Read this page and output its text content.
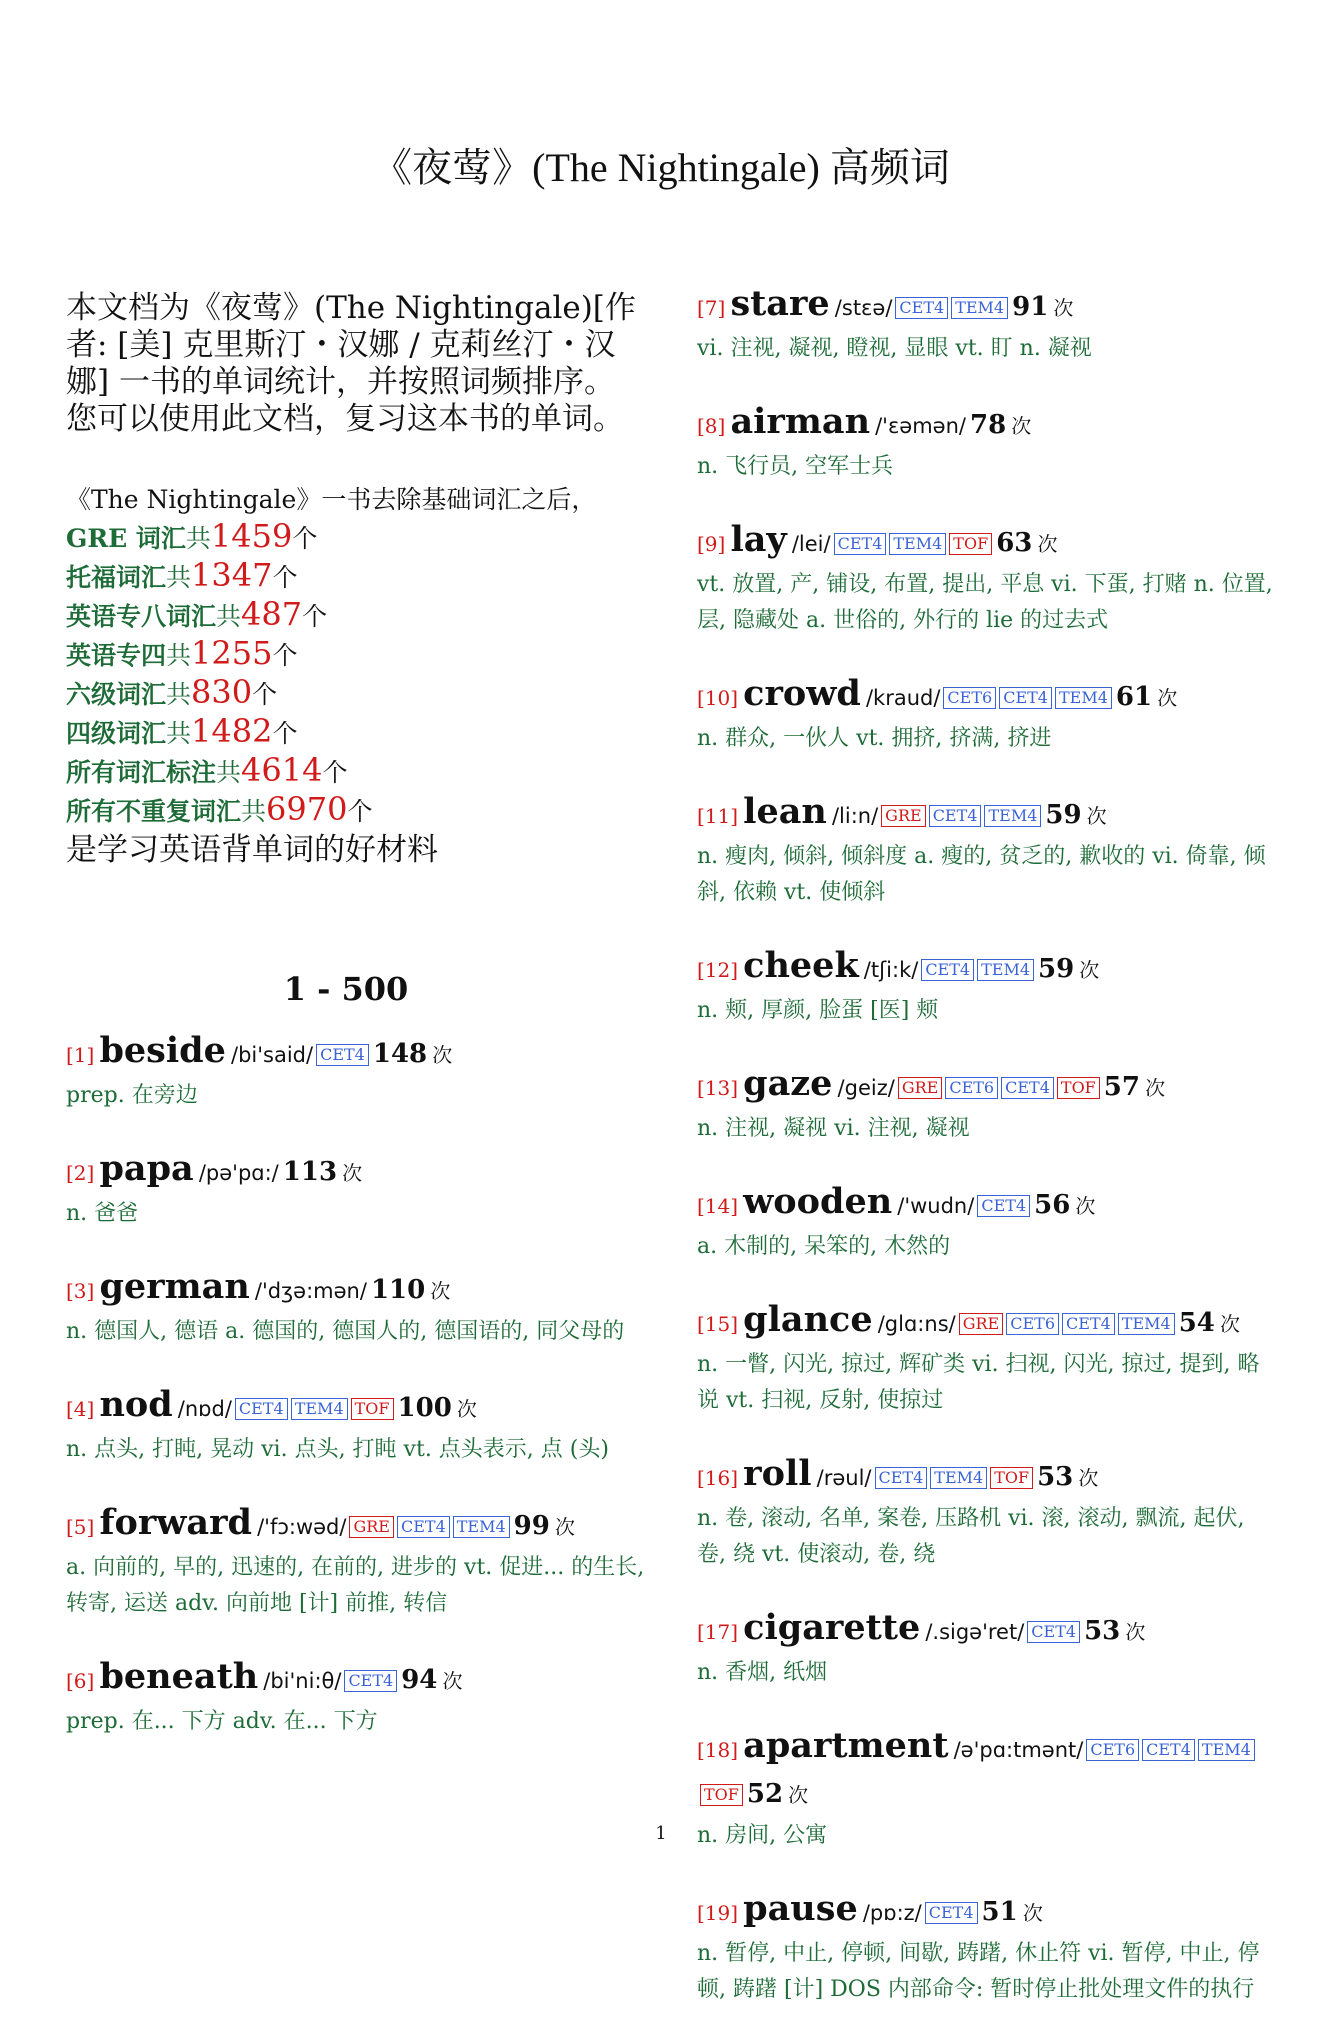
《夜莺》(The Nightingale) 高频词

本文档为《夜莺》(The Nightingale)[作者: [美] 克里斯汀・汉娜 / 克莉丝汀・汉娜] 一书的单词统计，并按照词频排序。

您可以使用此文档，复习这本书的单词。

《The Nightingale》一书去除基础词汇之后，
GRE 词汇共1459个
托福词汇共1347个
英语专八词汇共487个
英语专四共1255个
六级词汇共830个
四级词汇共1482个
所有词汇标注共4614个
所有不重复词汇共6970个
是学习英语背单词的好材料
1 - 500
[1] beside /bi'said/ CET4 148 次
prep. 在旁边
[2] papa /pə'pɑ:/ 113 次
n. 爸爸
[3] german /'dʒə:mən/ 110 次
n. 德国人, 德语 a. 德国的, 德国人的, 德国语的, 同父母的
[4] nod /nɒd/ CET4 TEM4 TOF 100 次
n. 点头, 打盹, 晃动 vi. 点头, 打盹 vt. 点头表示, 点 (头)
[5] forward /'fɔ:wəd/ GRE CET4 TEM4 99 次
a. 向前的, 早的, 迅速的, 在前的, 进步的 vt. 促进... 的生长, 转寄, 运送 adv. 向前地 [计] 前推, 转信
[6] beneath /bi'ni:θ/ CET4 94 次
prep. 在... 下方 adv. 在... 下方
[7] stare /stɛə/ CET4 TEM4 91 次
vi. 注视, 凝视, 瞪视, 显眼 vt. 盯 n. 凝视
[8] airman /'ɛəmən/ 78 次
n. 飞行员, 空军士兵
[9] lay /lei/ CET4 TEM4 TOF 63 次
vt. 放置, 产, 铺设, 布置, 提出, 平息 vi. 下蛋, 打赌 n. 位置, 层, 隐藏处 a. 世俗的, 外行的 lie 的过去式
[10] crowd /kraud/ CET6 CET4 TEM4 61 次
n. 群众, 一伙人 vt. 拥挤, 挤满, 挤进
[11] lean /li:n/ GRE CET4 TEM4 59 次
n. 瘦肉, 倾斜, 倾斜度 a. 瘦的, 贫乏的, 歉收的 vi. 倚靠, 倾斜, 依赖 vt. 使倾斜
[12] cheek /tʃi:k/ CET4 TEM4 59 次
n. 颊, 厚颜, 脸蛋 [医] 颊
[13] gaze /geiz/ GRE CET6 CET4 TOF 57 次
n. 注视, 凝视 vi. 注视, 凝视
[14] wooden /'wudn/ CET4 56 次
a. 木制的, 呆笨的, 木然的
[15] glance /glɑ:ns/ GRE CET6 CET4 TEM4 54 次
n. 一瞥, 闪光, 掠过, 辉矿类 vi. 扫视, 闪光, 掠过, 提到, 略说 vt. 扫视, 反射, 使掠过
[16] roll /rəul/ CET4 TEM4 TOF 53 次
n. 卷, 滚动, 名单, 案卷, 压路机 vi. 滚, 滚动, 飘流, 起伏, 卷, 绕 vt. 使滚动, 卷, 绕
[17] cigarette /.sigə'ret/ CET4 53 次
n. 香烟, 纸烟
[18] apartment /ə'pɑ:tmənt/ CET6 CET4 TEM4TOF 52 次
n. 房间, 公寓
[19] pause /pɒ:z/ CET4 51 次
n. 暂停, 中止, 停顿, 间歇, 踌躇, 休止符 vi. 暂停, 中止, 停顿, 踌躇 [计] DOS 内部命令: 暂时停止批处理文件的执行
1
